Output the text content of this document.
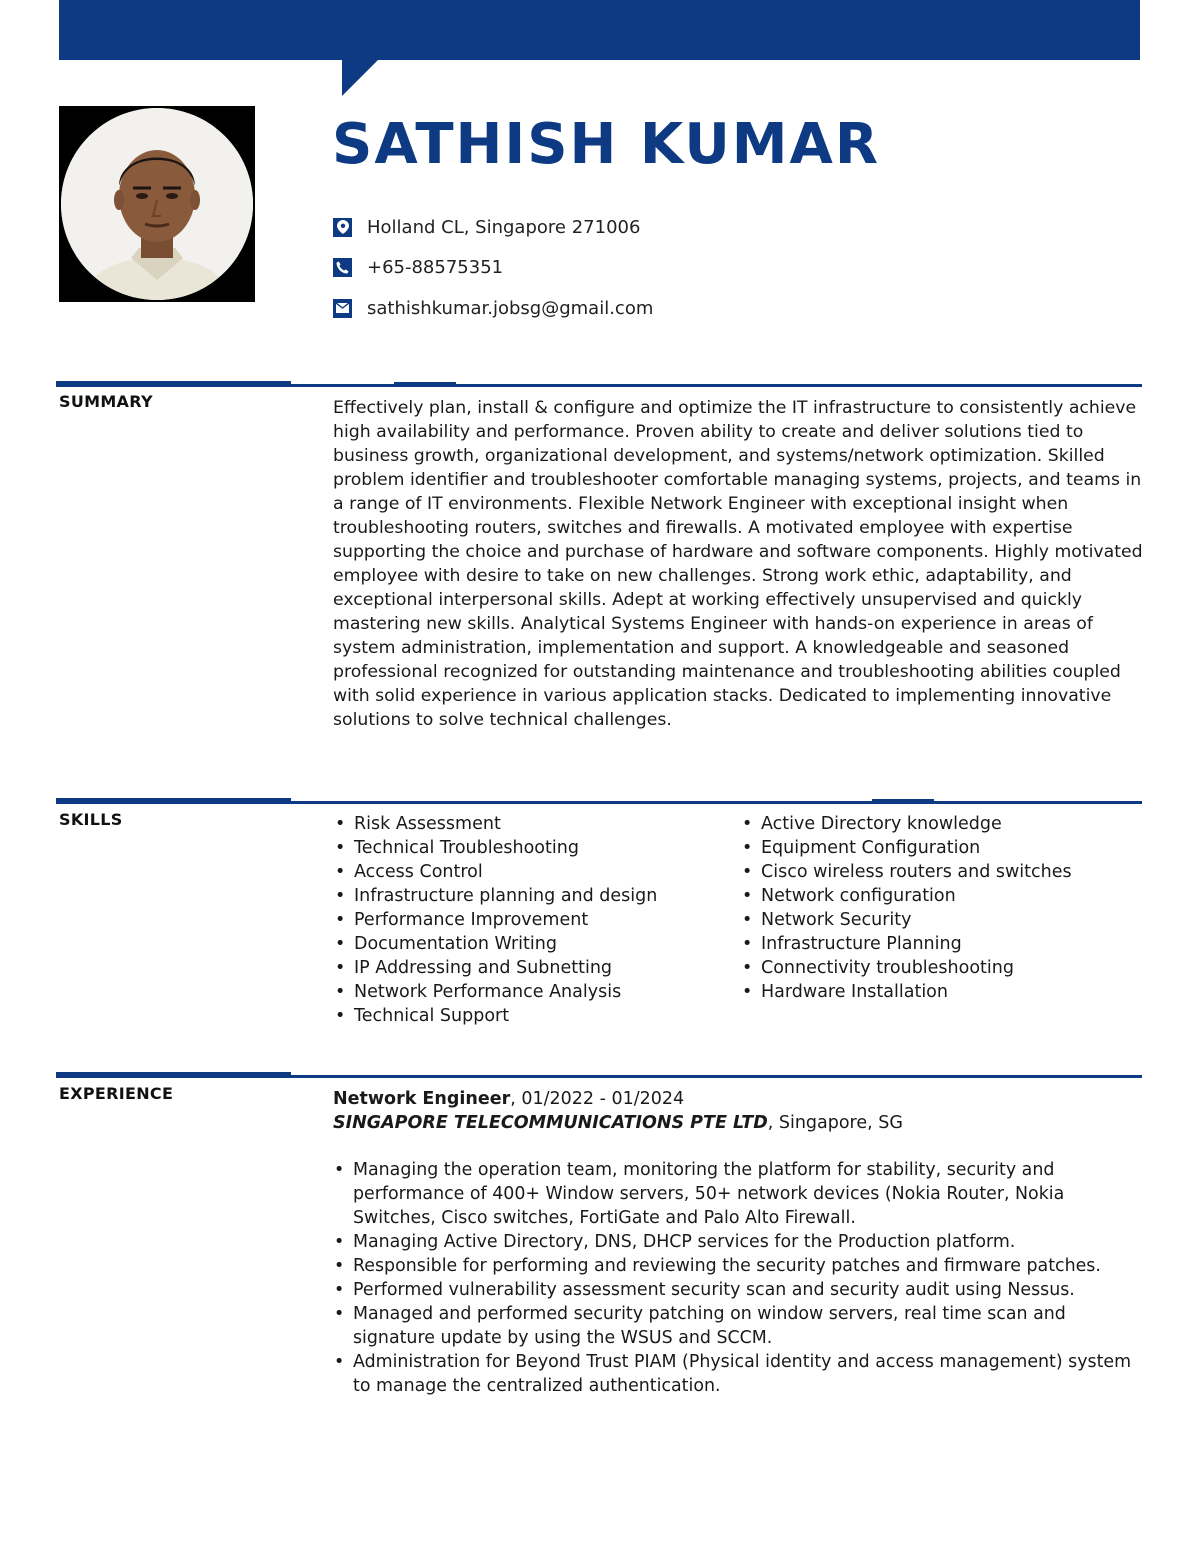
SATHISH KUMAR
Holland CL, Singapore 271006
+65-88575351
sathishkumar.jobsg@gmail.com
SUMMARY	Effectively plan, install & configure and optimize the IT infrastructure to consistently achieve high availability and performance. Proven ability to create and deliver solutions tied to business growth, organizational development, and systems/network optimization. Skilled problem identifier and troubleshooter comfortable managing systems, projects, and teams in a range of IT environments. Flexible Network Engineer with exceptional insight when troubleshooting routers, switches and firewalls. A motivated employee with expertise supporting the choice and purchase of hardware and software components. Highly motivated employee with desire to take on new challenges. Strong work ethic, adaptability, and exceptional interpersonal skills. Adept at working effectively unsupervised and quickly mastering new skills. Analytical Systems Engineer with hands-on experience in areas of system administration, implementation and support. A knowledgeable and seasoned professional recognized for outstanding maintenance and troubleshooting abilities coupled with solid experience in various application stacks. Dedicated to implementing innovative solutions to solve technical challenges.
SKILLS
•	Risk Assessment
• Technical Troubleshooting
• Access Control
• Infrastructure planning and design
• Performance Improvement
• Documentation Writing
• IP Addressing and Subnetting
• Network Performance Analysis
• Technical Support
• Active Directory knowledge
• Equipment Configuration
• Cisco wireless routers and switches
• Network configuration
• Network Security
• Infrastructure Planning
• Connectivity troubleshooting
• Hardware Installation
EXPERIENCE	Network Engineer, 01/2022 - 01/2024
SINGAPORE TELECOMMUNICATIONS PTE LTD, Singapore, SG
• Managing the operation team, monitoring the platform for stability, security and performance of 400+ Window servers, 50+ network devices (Nokia Router, Nokia Switches, Cisco switches, FortiGate and Palo Alto Firewall.
• Managing Active Directory, DNS, DHCP services for the Production platform.
• Responsible for performing and reviewing the security patches and firmware patches.
• Performed vulnerability assessment security scan and security audit using Nessus.
• Managed and performed security patching on window servers, real time scan and signature update by using the WSUS and SCCM.
• Administration for Beyond Trust PIAM (Physical identity and access management) system to manage the centralized authentication.
